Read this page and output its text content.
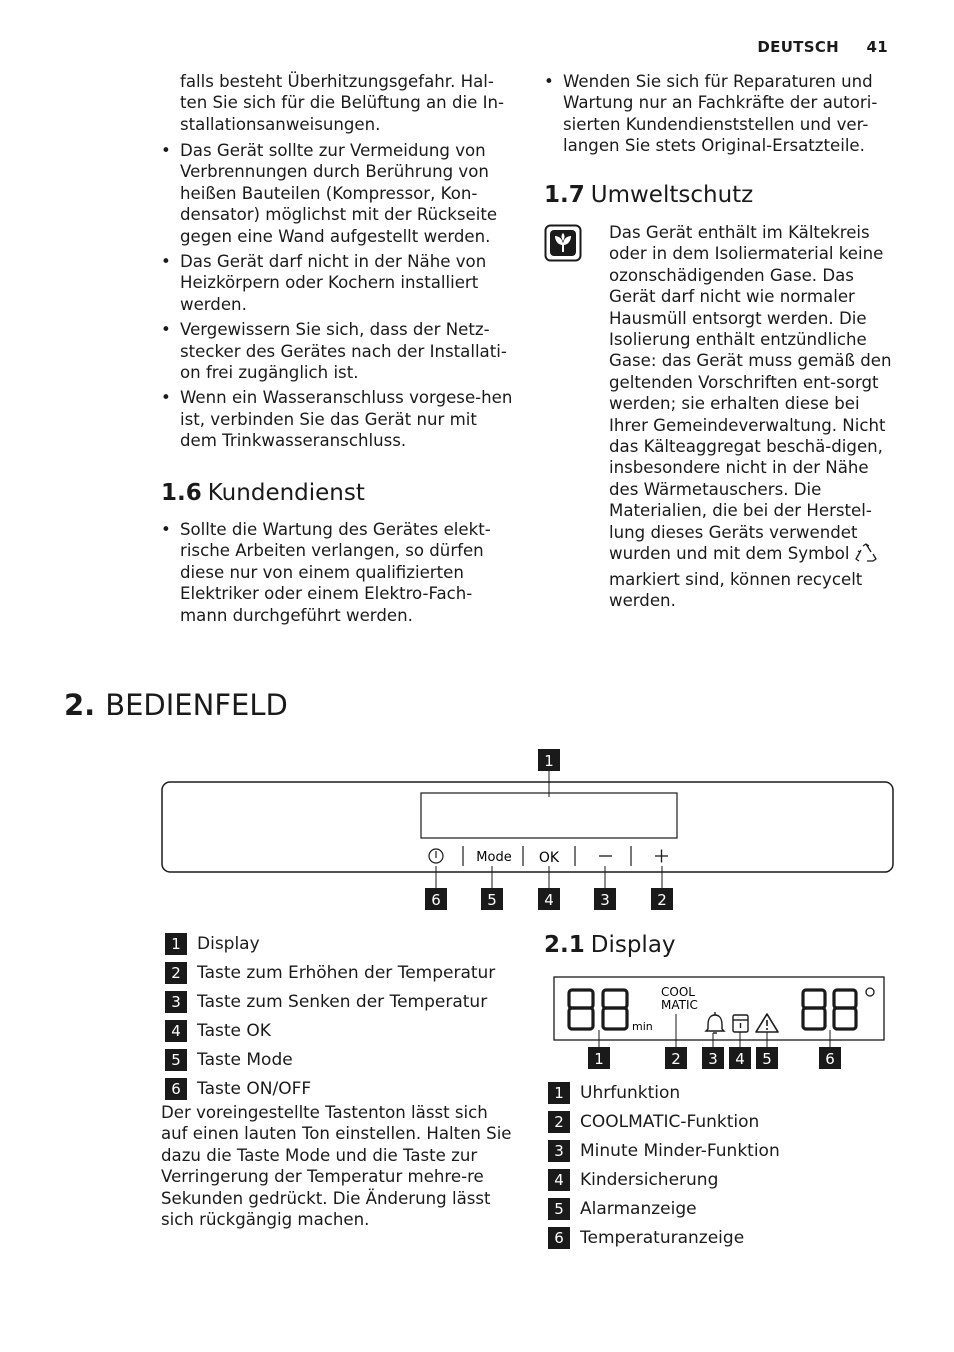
DEUTSCH 41
falls besteht Überhitzungsgefahr. Hal-ten Sie sich für die Belüftung an die In-stallationsanweisungen.
• Das Gerät sollte zur Vermeidung von Verbrennungen durch Berührung von heißen Bauteilen (Kompressor, Kon-densator) möglichst mit der Rückseite gegen eine Wand aufgestellt werden.
• Das Gerät darf nicht in der Nähe von Heizkörpern oder Kochern installiert werden.
• Vergewissern Sie sich, dass der Netz-stecker des Gerätes nach der Installati-on frei zugänglich ist.
• Wenn ein Wasseranschluss vorgese-hen ist, verbinden Sie das Gerät nur mit dem Trinkwasseranschluss.
1.6 Kundendienst
• Sollte die Wartung des Gerätes elekt-rische Arbeiten verlangen, so dürfen diese nur von einem qualifizierten Elektriker oder einem Elektro-Fach-mann durchgeführt werden.
• Wenden Sie sich für Reparaturen und Wartung nur an Fachkräfte der autori-sierten Kundendienststellen und ver-langen Sie stets Original-Ersatzteile.
1.7 Umweltschutz
Das Gerät enthält im Kältekreis oder in dem Isoliermaterial keine ozonschädigenden Gase. Das Gerät darf nicht wie normaler Hausmüll entsorgt werden. Die Isolierung enthält entzündliche Gase: das Gerät muss gemäß den geltenden Vorschriften ent-sorgt werden; sie erhalten diese bei Ihrer Gemeindeverwaltung. Nicht das Kälteaggregat beschä-digen, insbesondere nicht in der Nähe des Wärmetauschers. Die Materialien, die bei der Herstel-lung dieses Geräts verwendet wurden und mit dem Symbol  markiert sind, können recycelt werden.
2. BEDIENFELD
1
Mode OK
6	5	4	3	2
1 Display
2 Taste zum Erhöhen der Temperatur
3 Taste zum Senken der Temperatur
4 Taste OK
5 Taste Mode
6 Taste ON/OFF
Der voreingestellte Tastenton lässt sich auf einen lauten Ton einstellen. Halten Sie dazu die Taste Mode und die Taste zur Verringerung der Temperatur mehre-re Sekunden gedrückt. Die Änderung lässt sich rückgängig machen.
2.1 Display
min
COOL
MATIC
1	2 3 4 5	6
1 Uhrfunktion
2 COOLMATIC-Funktion
3 Minute Minder-Funktion
4 Kindersicherung
5 Alarmanzeige
6 Temperaturanzeige
